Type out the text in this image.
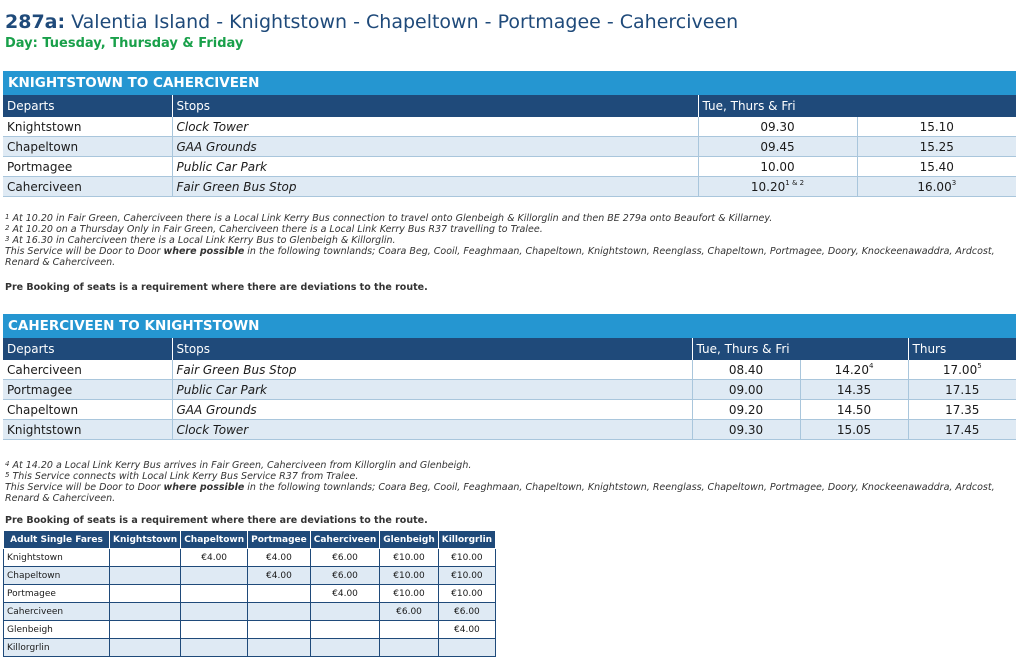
287a: Valentia Island - Knightstown - Chapeltown - Portmagee - Caherciveen
Day: Tuesday, Thursday & Friday
KNIGHTSTOWN TO CAHERCIVEEN
Departs	Stops	Tue, Thurs & Fri	
Knightstown	Clock Tower	09.30	15.10
Chapeltown	GAA Grounds	09.45	15.25
Portmagee	Public Car Park	10.00	15.40
Caherciveen	Fair Green Bus Stop	$10.20^{1 \& 2}$	16.00$^3$

$^1$ At 10.20 in Fair Green, Caherciveen there is a Local Link Kerry Bus connection to travel onto Glenbeigh & Killorglin and then BE 279a onto Beaufort & Killarney.

$^2$ At 10.20 on a Thursday Only in Fair Green, Caherciveen there is a Local Link Kerry Bus R37 travelling to Tralee.

$^3$ At 16.30 in Caherciveen there is a Local Link Kerry Bus to Glenbeigh & Killorglin.

This Service will be Door to Door where possible in the following townlands; Coara Beg, Cooil, Feaghmaan, Chapeltown, Knightstown, Reenglass, Chapeltown, Portmagee, Doory, Knockeenawaddra, Ardcost, Renard & Caherciveen.

Pre Booking of seats is a requirement where there are deviations to the route.
CAHERCIVEEN TO KNIGHTSTOWN
Departs	Stops	Tue, Thurs & Fri		Thurs
Caherciveen	Fair Green Bus Stop	08.40	14.20$^4$	17.00$^5$
Portmagee	Public Car Park	09.00	14.35	17.15
Chapeltown	GAA Grounds	09.20	14.50	17.35
Knightstown	Clock Tower	09.30	15.05	17.45

$^4$ At 14.20 a Local Link Kerry Bus arrives in Fair Green, Caherciveen from Killorglin and Glenbeigh.

$^5$ This Service connects with Local Link Kerry Bus Service R37 from Tralee.

This Service will be Door to Door where possible in the following townlands; Coara Beg, Cooil, Feaghmaan, Chapeltown, Knightstown, Reenglass, Chapeltown, Portmagee, Doory, Knockeenawaddra, Ardcost, Renard & Caherciveen.

Pre Booking of seats is a requirement where there are deviations to the route.
Adult Single Fares	Knightstown	Chapeltown	Portmagee	Caherciveen	Glenbeigh	Killorgrlin
Knightstown		€4.00	€4.00	€6.00	€10.00	€10.00
Chapeltown			€4.00	€6.00	€10.00	€10.00
Portmagee				€4.00	€10.00	€10.00
Caherciveen					€6.00	€6.00
Glenbeigh						€4.00
Killorgrlin						
